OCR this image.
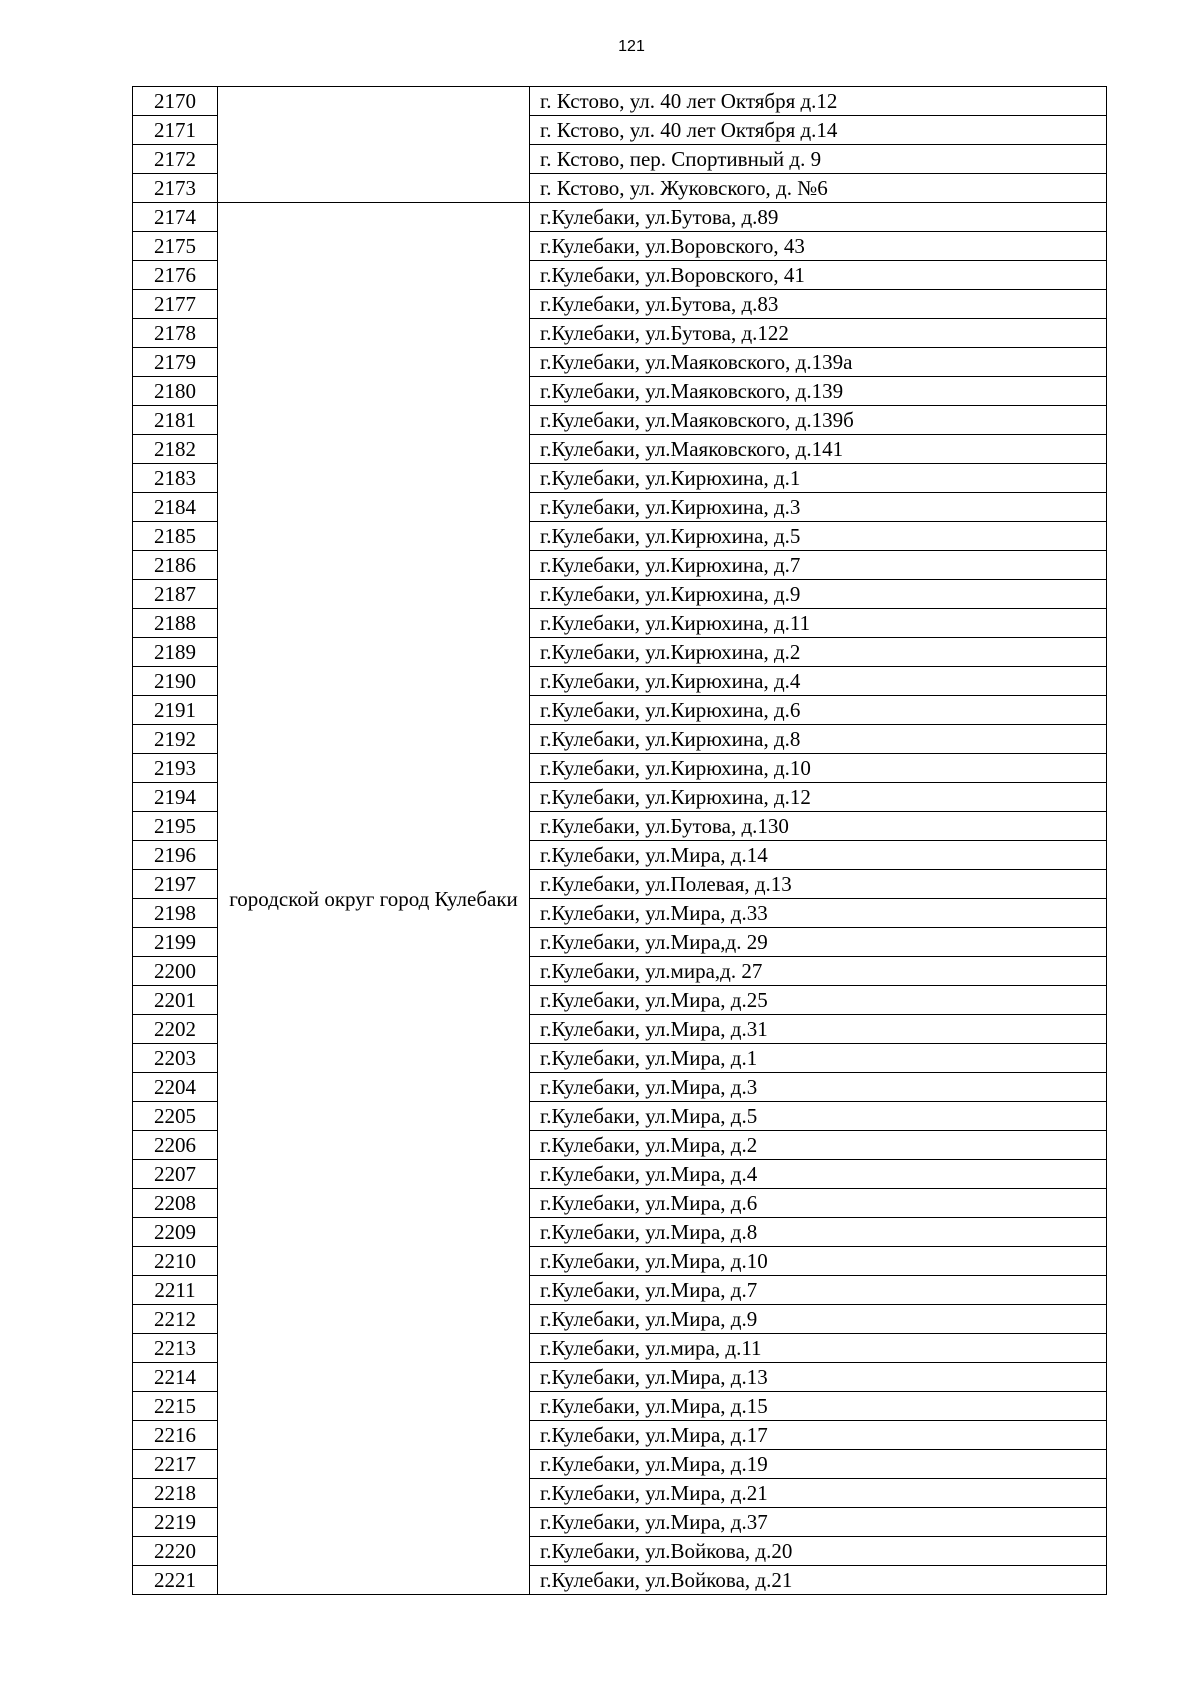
121
2170		г. Кстово, ул. 40 лет Октября д.12
2171		г. Кстово, ул. 40 лет Октября д.14
2172		г. Кстово, пер. Спортивный д. 9
2173		г. Кстово, ул. Жуковского, д. №6
2174	городской округ город Кулебаки	г.Кулебаки, ул.Бутова, д.89
2175		г.Кулебаки, ул.Воровского, 43
2176		г.Кулебаки, ул.Воровского, 41
2177		г.Кулебаки, ул.Бутова, д.83
2178		г.Кулебаки, ул.Бутова, д.122
2179		г.Кулебаки, ул.Маяковского, д.139а
2180		г.Кулебаки, ул.Маяковского, д.139
2181		г.Кулебаки, ул.Маяковского, д.139б
2182		г.Кулебаки, ул.Маяковского, д.141
2183		г.Кулебаки, ул.Кирюхина, д.1
2184		г.Кулебаки, ул.Кирюхина, д.3
2185		г.Кулебаки, ул.Кирюхина, д.5
2186		г.Кулебаки, ул.Кирюхина, д.7
2187		г.Кулебаки, ул.Кирюхина, д.9
2188		г.Кулебаки, ул.Кирюхина, д.11
2189		г.Кулебаки, ул.Кирюхина, д.2
2190		г.Кулебаки, ул.Кирюхина, д.4
2191		г.Кулебаки, ул.Кирюхина, д.6
2192		г.Кулебаки, ул.Кирюхина, д.8
2193		г.Кулебаки, ул.Кирюхина, д.10
2194		г.Кулебаки, ул.Кирюхина, д.12
2195		г.Кулебаки, ул.Бутова, д.130
2196		г.Кулебаки, ул.Мира, д.14
2197		г.Кулебаки, ул.Полевая, д.13
2198		г.Кулебаки, ул.Мира, д.33
2199		г.Кулебаки, ул.Мира,д. 29
2200		г.Кулебаки, ул.мира,д. 27
2201		г.Кулебаки, ул.Мира, д.25
2202		г.Кулебаки, ул.Мира, д.31
2203		г.Кулебаки, ул.Мира, д.1
2204		г.Кулебаки, ул.Мира, д.3
2205		г.Кулебаки, ул.Мира, д.5
2206		г.Кулебаки, ул.Мира, д.2
2207		г.Кулебаки, ул.Мира, д.4
2208		г.Кулебаки, ул.Мира, д.6
2209		г.Кулебаки, ул.Мира, д.8
2210		г.Кулебаки, ул.Мира, д.10
2211		г.Кулебаки, ул.Мира, д.7
2212		г.Кулебаки, ул.Мира, д.9
2213		г.Кулебаки, ул.мира, д.11
2214		г.Кулебаки, ул.Мира, д.13
2215		г.Кулебаки, ул.Мира, д.15
2216		г.Кулебаки, ул.Мира, д.17
2217		г.Кулебаки, ул.Мира, д.19
2218		г.Кулебаки, ул.Мира, д.21
2219		г.Кулебаки, ул.Мира, д.37
2220		г.Кулебаки, ул.Войкова, д.20
2221		г.Кулебаки, ул.Войкова, д.21
